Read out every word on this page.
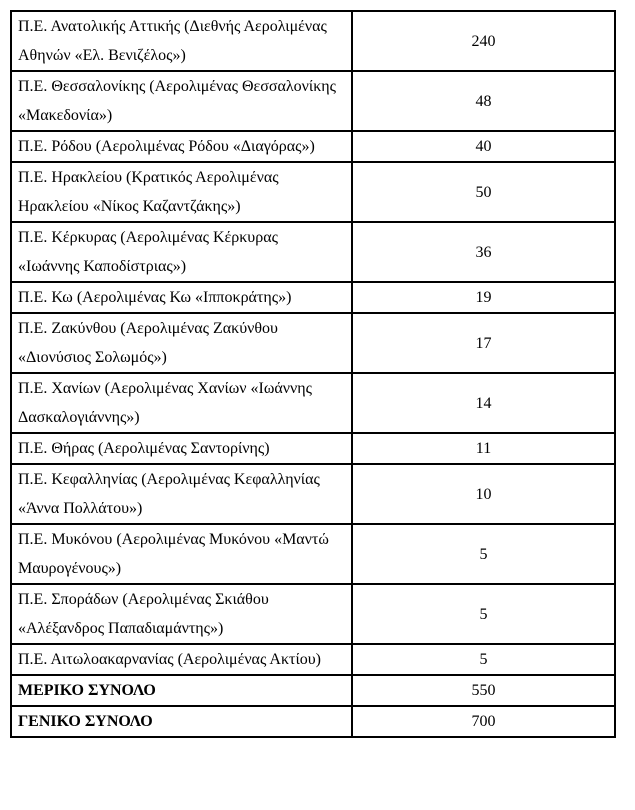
Π.Ε. Ανατολικής Αττικής (Διεθνής Αερολιμένας Αθηνών «Ελ. Βενιζέλος»)	240
Π.Ε. Θεσσαλονίκης (Αερολιμένας Θεσσαλονίκης «Μακεδονία»)	48
Π.Ε. Ρόδου (Αερολιμένας Ρόδου «Διαγόρας»)	40
Π.Ε. Ηρακλείου (Κρατικός Αερολιμένας Ηρακλείου «Νίκος Καζαντζάκης»)	50
Π.Ε. Κέρκυρας (Αερολιμένας Κέρκυρας «Ιωάννης Καποδίστριας»)	36
Π.Ε. Κω (Αερολιμένας Κω «Ιπποκράτης»)	19
Π.Ε. Ζακύνθου (Αερολιμένας Ζακύνθου «Διονύσιος Σολωμός»)	17
Π.Ε. Χανίων (Αερολιμένας Χανίων «Ιωάννης Δασκαλογιάννης»)	14
Π.Ε. Θήρας (Αερολιμένας Σαντορίνης)	11
Π.Ε. Κεφαλληνίας (Αερολιμένας Κεφαλληνίας «Άννα Πολλάτου»)	10
Π.Ε. Μυκόνου (Αερολιμένας Μυκόνου «Μαντώ Μαυρογένους»)	5
Π.Ε. Σποράδων (Αερολιμένας Σκιάθου «Αλέξανδρος Παπαδιαμάντης»)	5
Π.Ε. Αιτωλοακαρνανίας (Αερολιμένας Ακτίου)	5
ΜΕΡΙΚΟ ΣΥΝΟΛΟ	550
ΓΕΝΙΚΟ ΣΥΝΟΛΟ	700
